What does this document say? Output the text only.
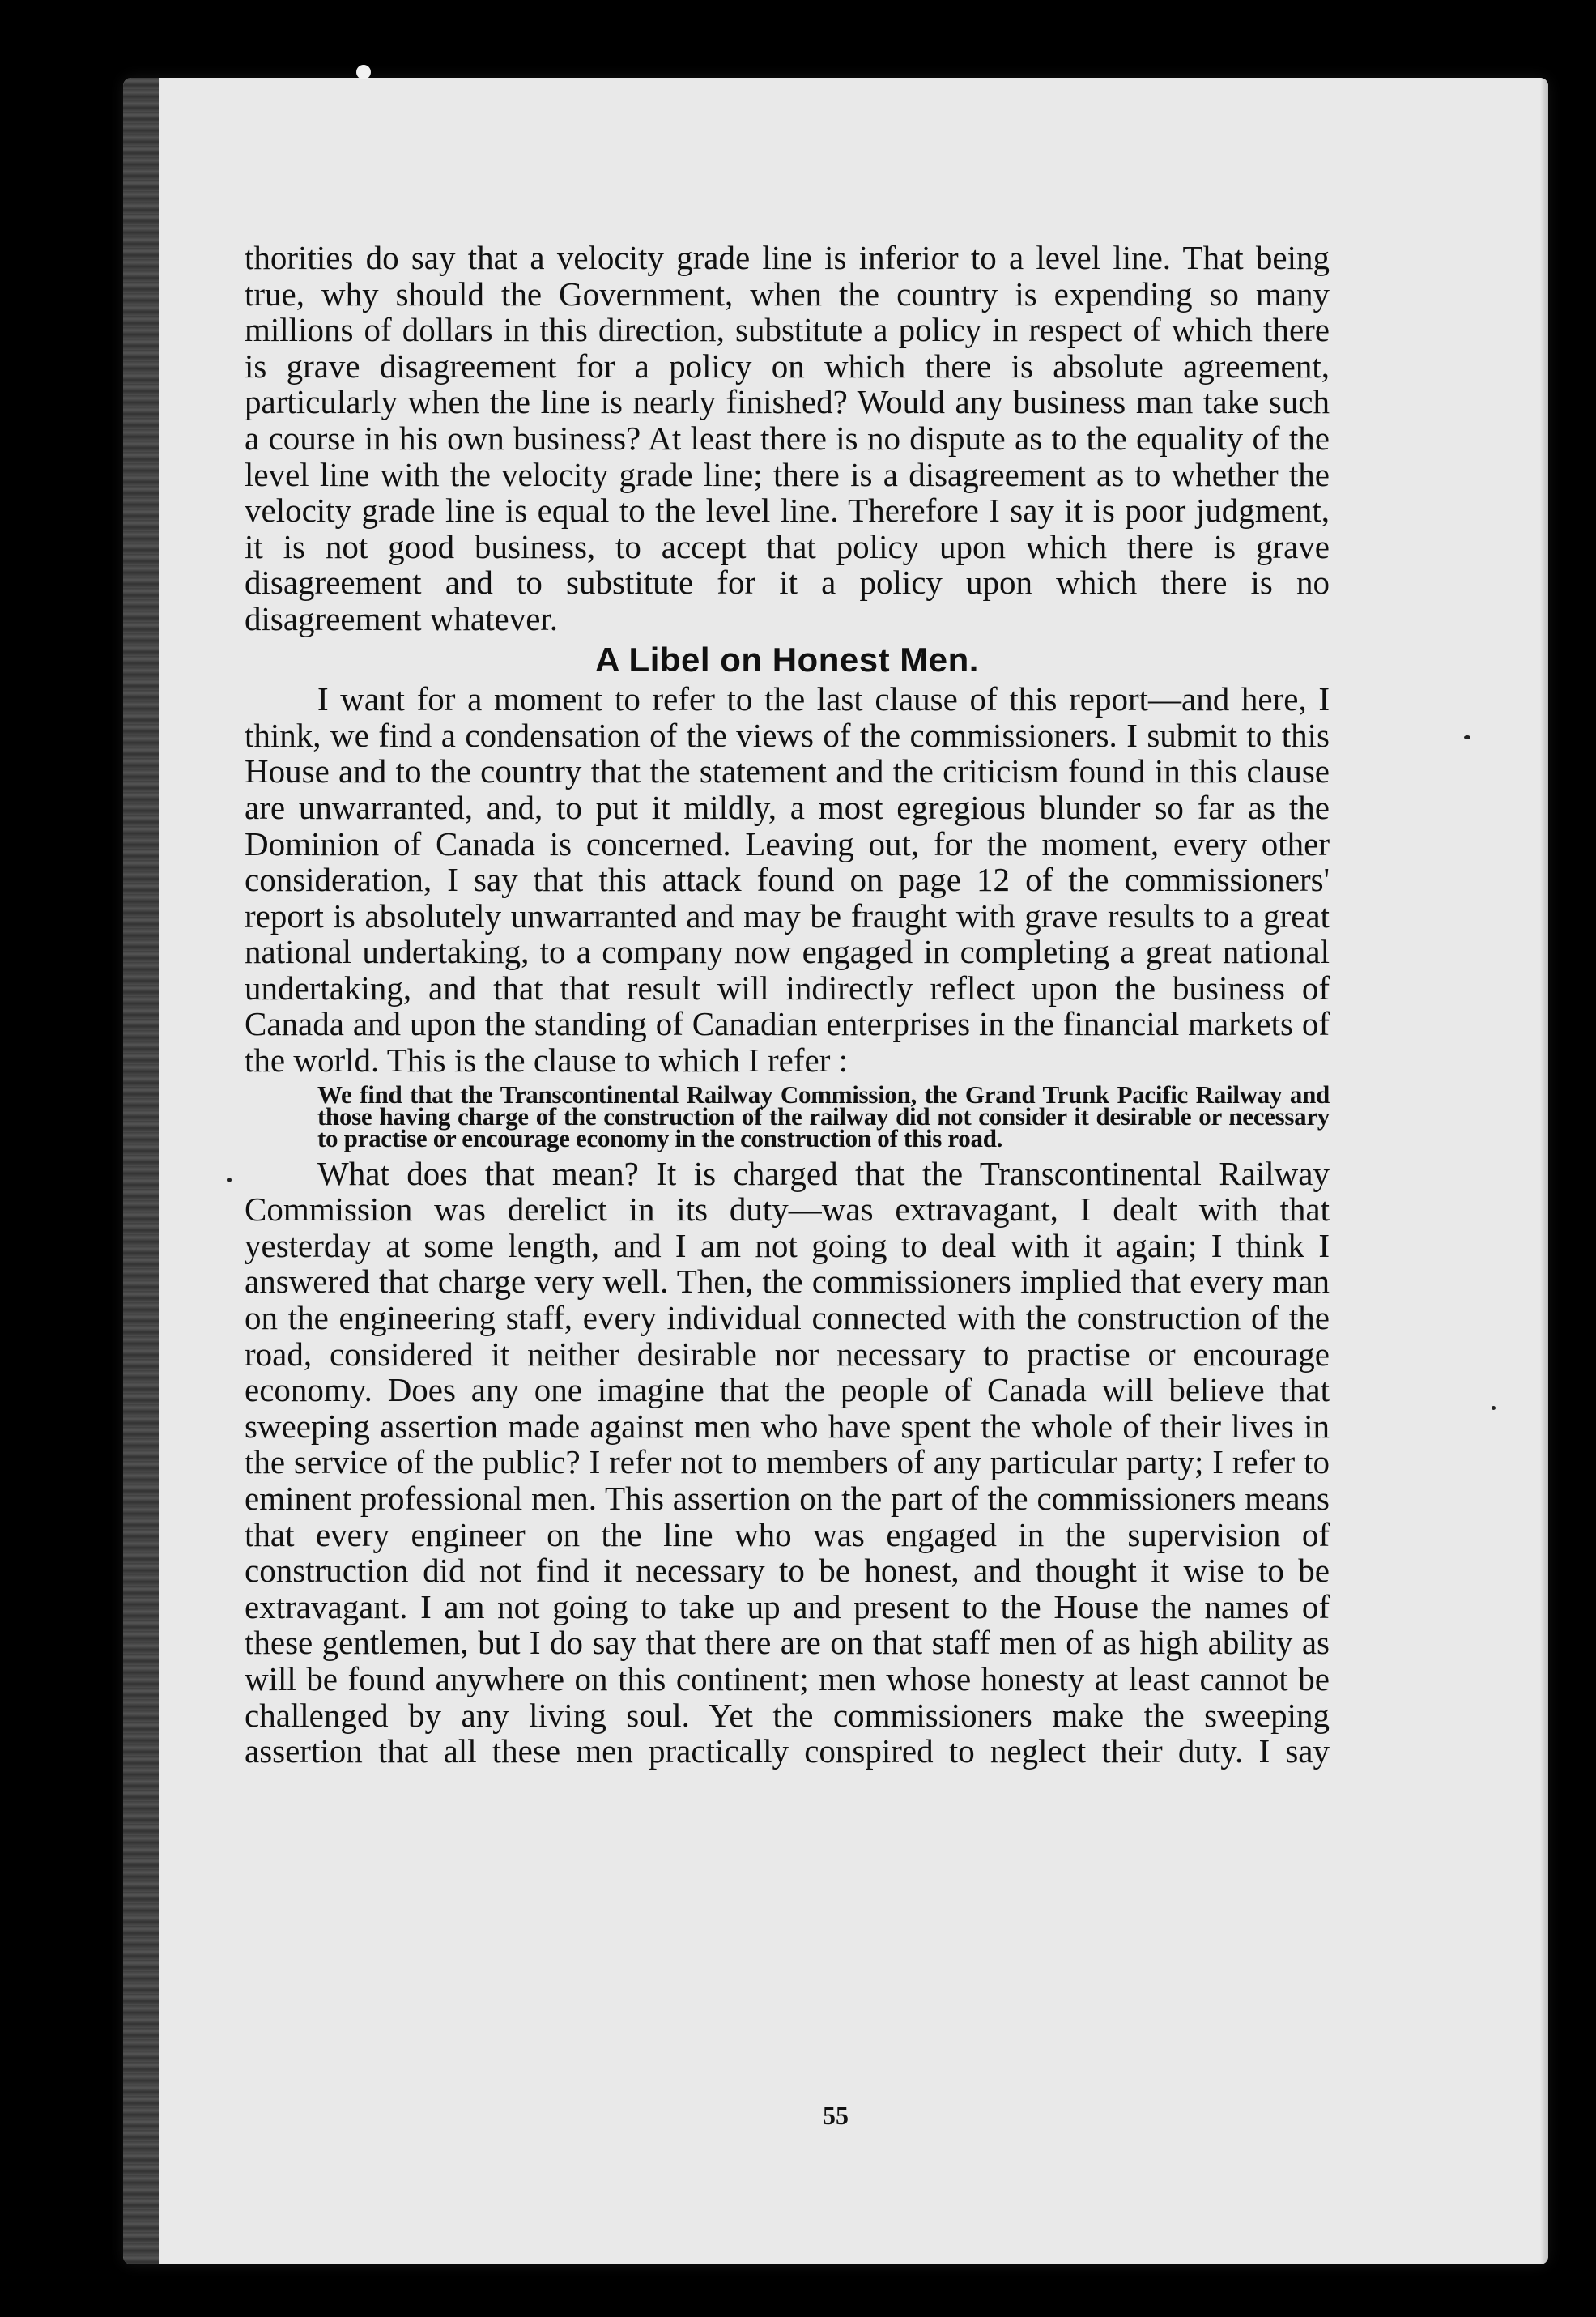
thorities do say that a velocity grade line is inferior to a level line. That being true, why should the Government, when the country is expending so many millions of dollars in this direction, substitute a policy in respect of which there is grave disagreement for a policy on which there is absolute agreement, particularly when the line is nearly finished? Would any business man take such a course in his own business? At least there is no dispute as to the equality of the level line with the velocity grade line; there is a disagreement as to whether the velocity grade line is equal to the level line. Therefore I say it is poor judgment, it is not good business, to accept that policy upon which there is grave disagreement and to substitute for it a policy upon which there is no disagreement whatever.

A Libel on Honest Men.

I want for a moment to refer to the last clause of this report—and here, I think, we find a condensation of the views of the commissioners. I submit to this House and to the country that the statement and the criticism found in this clause are unwarranted, and, to put it mildly, a most egregious blunder so far as the Dominion of Canada is concerned. Leaving out, for the moment, every other consideration, I say that this attack found on page 12 of the commissioners' report is absolutely unwarranted and may be fraught with grave results to a great national undertaking, to a company now engaged in completing a great national undertaking, and that that result will indirectly reflect upon the business of Canada and upon the standing of Canadian enterprises in the financial markets of the world. This is the clause to which I refer :

We find that the Transcontinental Railway Commission, the Grand Trunk Pacific Railway and those having charge of the construction of the railway did not consider it desirable or necessary to practise or encourage economy in the construction of this road.

What does that mean? It is charged that the Transcontinental Railway Commission was derelict in its duty—was extravagant, I dealt with that yesterday at some length, and I am not going to deal with it again; I think I answered that charge very well. Then, the commissioners implied that every man on the engineering staff, every individual connected with the construction of the road, considered it neither desirable nor necessary to practise or encourage economy. Does any one imagine that the people of Canada will believe that sweeping assertion made against men who have spent the whole of their lives in the service of the public? I refer not to members of any particular party; I refer to eminent professional men. This assertion on the part of the commissioners means that every engineer on the line who was engaged in the supervision of construction did not find it necessary to be honest, and thought it wise to be extravagant. I am not going to take up and present to the House the names of these gentlemen, but I do say that there are on that staff men of as high ability as will be found anywhere on this continent; men whose honesty at least cannot be challenged by any living soul. Yet the commissioners make the sweeping assertion that all these men practically conspired to neglect their duty. I say

55
